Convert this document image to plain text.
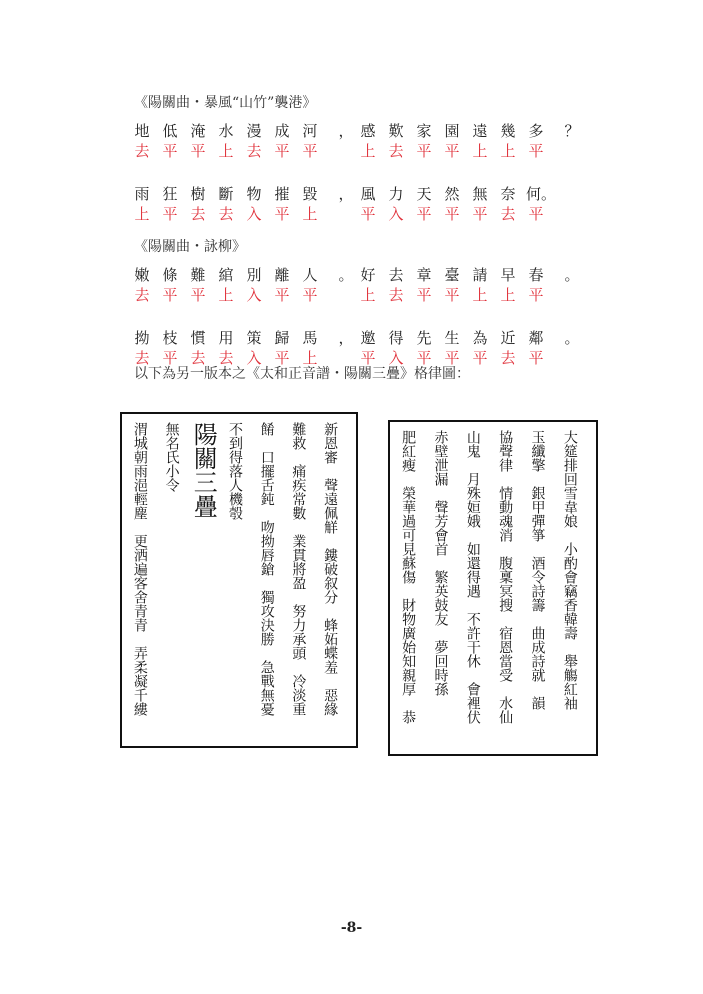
《陽關曲・暴風“山竹”襲港》
地 低 淹 水 漫 成 河 ， 感 歎 家 園 遠 幾 多 ？
去 平 平 上 去 平 平	上 去 平 平 上 上 平
雨 狂 樹 斷 物 摧 毀 ， 風 力 天 然 無 奈 何。
上 平 去 去 入 平 上	平 入 平 平 平 去 平
《陽關曲・詠柳》
嫩 條 難 綰 別 離 人 。 好 去 章 臺 請 早 春 。
去 平 平 上 入 平 平	上 去 平 平 上 上 平
拗 枝 慣 用 策 歸 馬 ， 邀 得 先 生 為 近 鄰 。
去 平 去 去 入 平 上	平 入 平 平 平 去 平
以下為另一版本之《太和正音譜・陽關三疊》格律圖：
新恩審　聲遠佩觧　鏤破叙分　蜂妬蝶羞　惡緣
難救　痛疾常數　業貫將盈　努力承頭　冷淡重
餚　口擺舌鈍　吻拗唇鎗　獨攻決勝　急戰無憂
不到得落人機彀
陽關三疊
無名氏小令
渭城朝雨浥輕塵　更洒遍客舍青青　弄柔凝千縷	大筵排回雪韋娘　小酌會竊香韓壽　舉觴紅袖
玉纖擎　銀甲彈箏　酒令詩籌　曲成詩就　韻
協聲律　情動魂消　腹稟冥搜　宿恩當受　水仙
山鬼　月殊姮娥　如還得遇　不許干休　會裡伏
赤壁泄漏　聲芳會首　繁英鼓友　夢回時孫
肥紅瘦　榮華過可見蘇傷　財物廣始知親厚　恭
-8-
